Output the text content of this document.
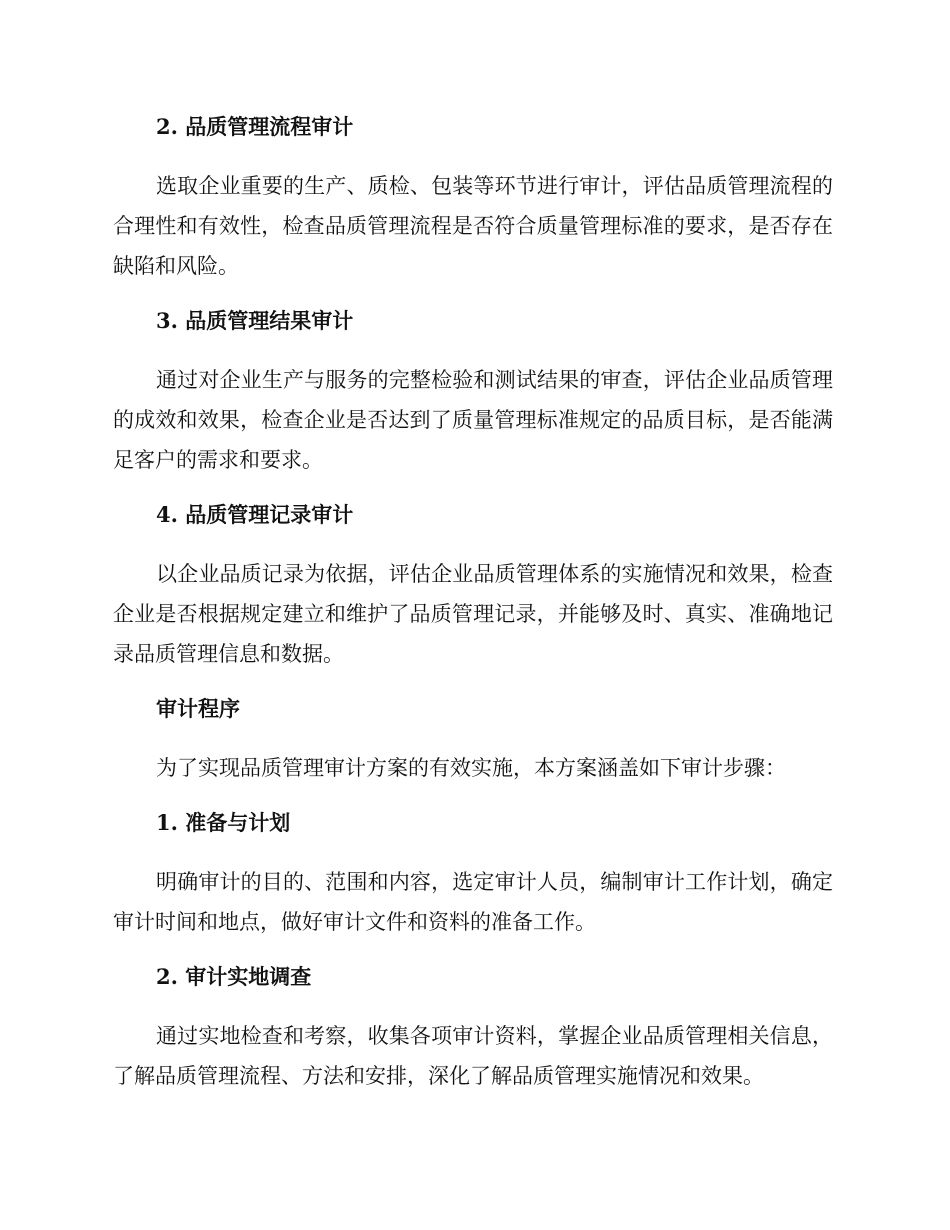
2. 品质管理流程审计

选取企业重要的生产、质检、包装等环节进行审计，评估品质管理流程的合理性和有效性，检查品质管理流程是否符合质量管理标准的要求，是否存在缺陷和风险。

3. 品质管理结果审计

通过对企业生产与服务的完整检验和测试结果的审查，评估企业品质管理的成效和效果，检查企业是否达到了质量管理标准规定的品质目标，是否能满足客户的需求和要求。

4. 品质管理记录审计

以企业品质记录为依据，评估企业品质管理体系的实施情况和效果，检查企业是否根据规定建立和维护了品质管理记录，并能够及时、真实、准确地记录品质管理信息和数据。

审计程序

为了实现品质管理审计方案的有效实施，本方案涵盖如下审计步骤：

1. 准备与计划

明确审计的目的、范围和内容，选定审计人员，编制审计工作计划，确定审计时间和地点，做好审计文件和资料的准备工作。

2. 审计实地调查

通过实地检查和考察，收集各项审计资料，掌握企业品质管理相关信息，了解品质管理流程、方法和安排，深化了解品质管理实施情况和效果。
